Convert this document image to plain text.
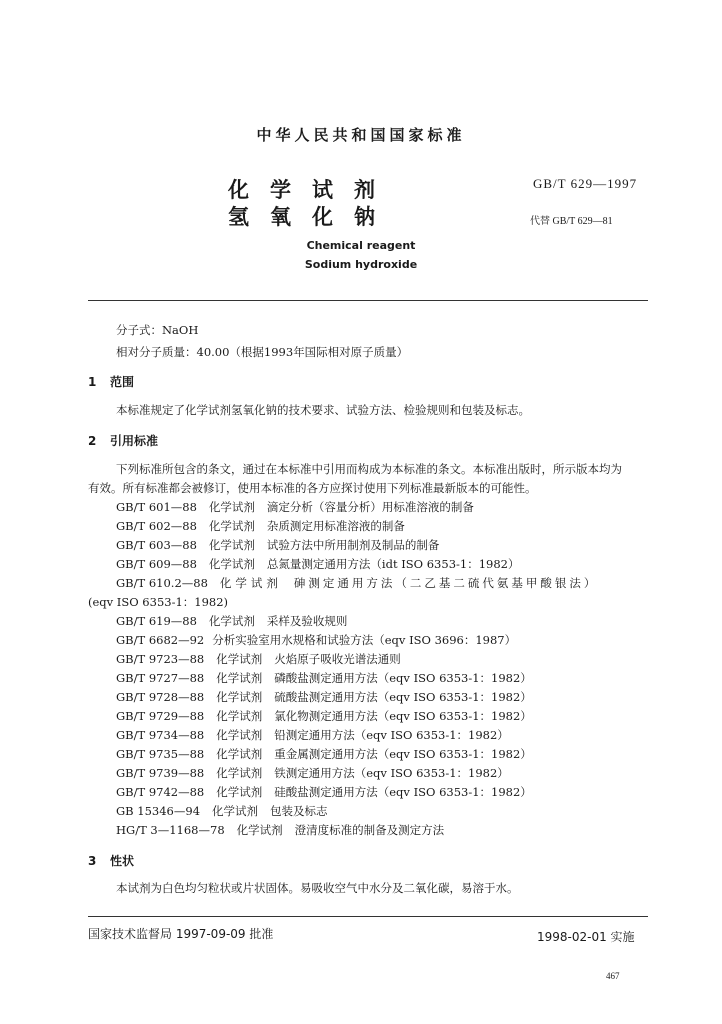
中华人民共和国国家标准
化学试剂
氢氧化钠
GB/T 629—1997
代替 GB/T 629—81
Chemical reagent
Sodium hydroxide
分子式：NaOH
相对分子质量：40.00（根据1993年国际相对原子质量）
1 范围
本标准规定了化学试剂氢氧化钠的技术要求、试验方法、检验规则和包装及标志。
2 引用标准
下列标准所包含的条文，通过在本标准中引用而构成为本标准的条文。本标准出版时，所示版本均为
有效。所有标准都会被修订，使用本标准的各方应探讨使用下列标准最新版本的可能性。
GB/T 601—88 化学试剂 滴定分析（容量分析）用标准溶液的制备
GB/T 602—88 化学试剂 杂质测定用标准溶液的制备
GB/T 603—88 化学试剂 试验方法中所用制剂及制品的制备
GB/T 609—88 化学试剂 总氮量测定通用方法（idt ISO 6353-1：1982）
GB/T 610.2—88 化学试剂 砷测定通用方法（二乙基二硫代氨基甲酸银法）
(eqv ISO 6353-1：1982)
GB/T 619—88 化学试剂 采样及验收规则
GB/T 6682—92 分析实验室用水规格和试验方法（eqv ISO 3696：1987）
GB/T 9723—88 化学试剂 火焰原子吸收光谱法通则
GB/T 9727—88 化学试剂 磷酸盐测定通用方法（eqv ISO 6353-1：1982）
GB/T 9728—88 化学试剂 硫酸盐测定通用方法（eqv ISO 6353-1：1982）
GB/T 9729—88 化学试剂 氯化物测定通用方法（eqv ISO 6353-1：1982）
GB/T 9734—88 化学试剂 铅测定通用方法（eqv ISO 6353-1：1982）
GB/T 9735—88 化学试剂 重金属测定通用方法（eqv ISO 6353-1：1982）
GB/T 9739—88 化学试剂 铁测定通用方法（eqv ISO 6353-1：1982）
GB/T 9742—88 化学试剂 硅酸盐测定通用方法（eqv ISO 6353-1：1982）
GB 15346—94 化学试剂 包装及标志
HG/T 3—1168—78 化学试剂 澄清度标准的制备及测定方法
3 性状
本试剂为白色均匀粒状或片状固体。易吸收空气中水分及二氧化碳，易溶于水。
国家技术监督局 1997-09-09 批准	1998-02-01 实施
467
